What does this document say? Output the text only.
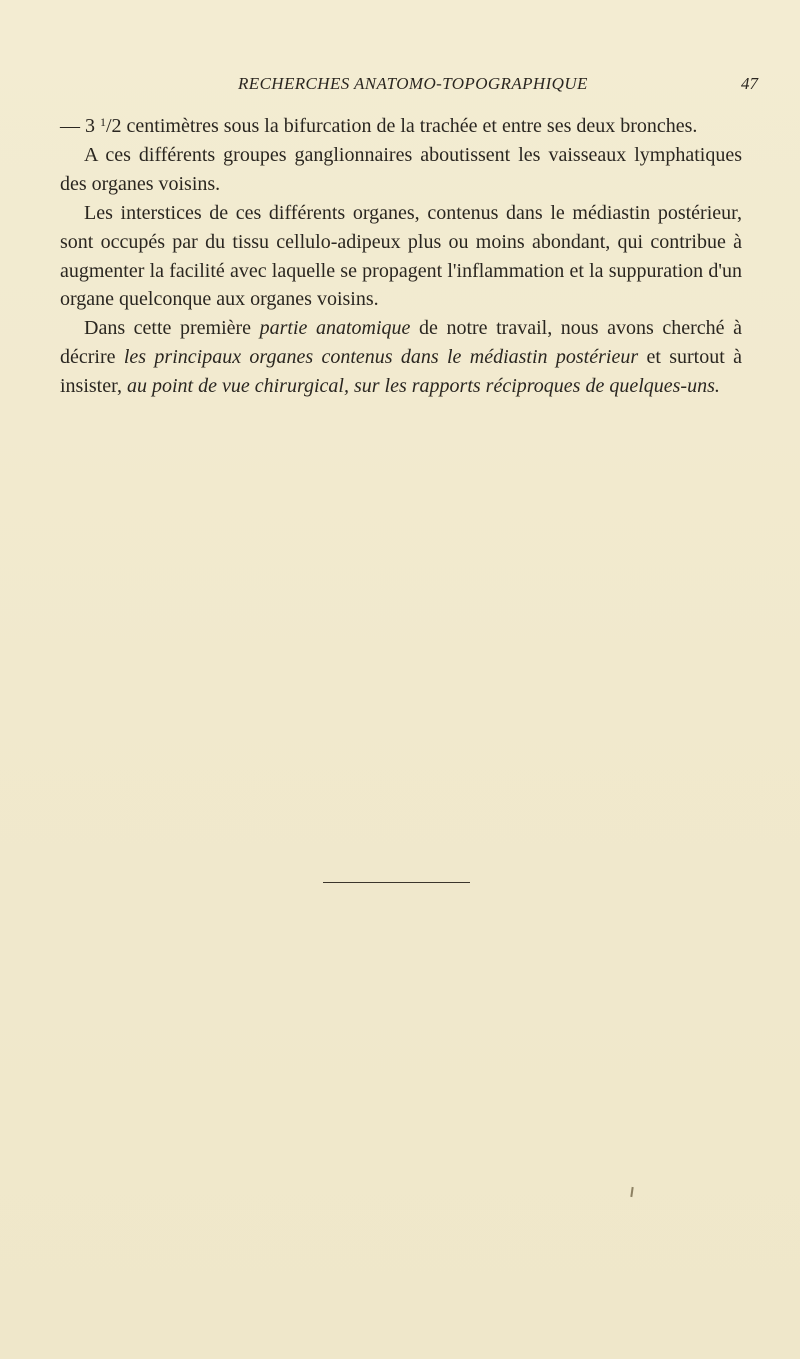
RECHERCHES ANATOMO-TOPOGRAPHIQUE	47

— 3 $^1$/2 centimètres sous la bifurcation de la trachée et entre ses deux bronches.

A ces différents groupes ganglionnaires aboutissent les vaisseaux lymphatiques des organes voisins.

Les interstices de ces différents organes, contenus dans le médiastin postérieur, sont occupés par du tissu cellulo-adipeux plus ou moins abondant, qui contribue à augmenter la facilité avec laquelle se propagent l'inflammation et la suppuration d'un organe quelconque aux organes voisins.

Dans cette première partie anatomique de notre travail, nous avons cherché à décrire les principaux organes contenus dans le médiastin postérieur et surtout à insister, au point de vue chirurgical, sur les rapports réciproques de quelques-uns.
